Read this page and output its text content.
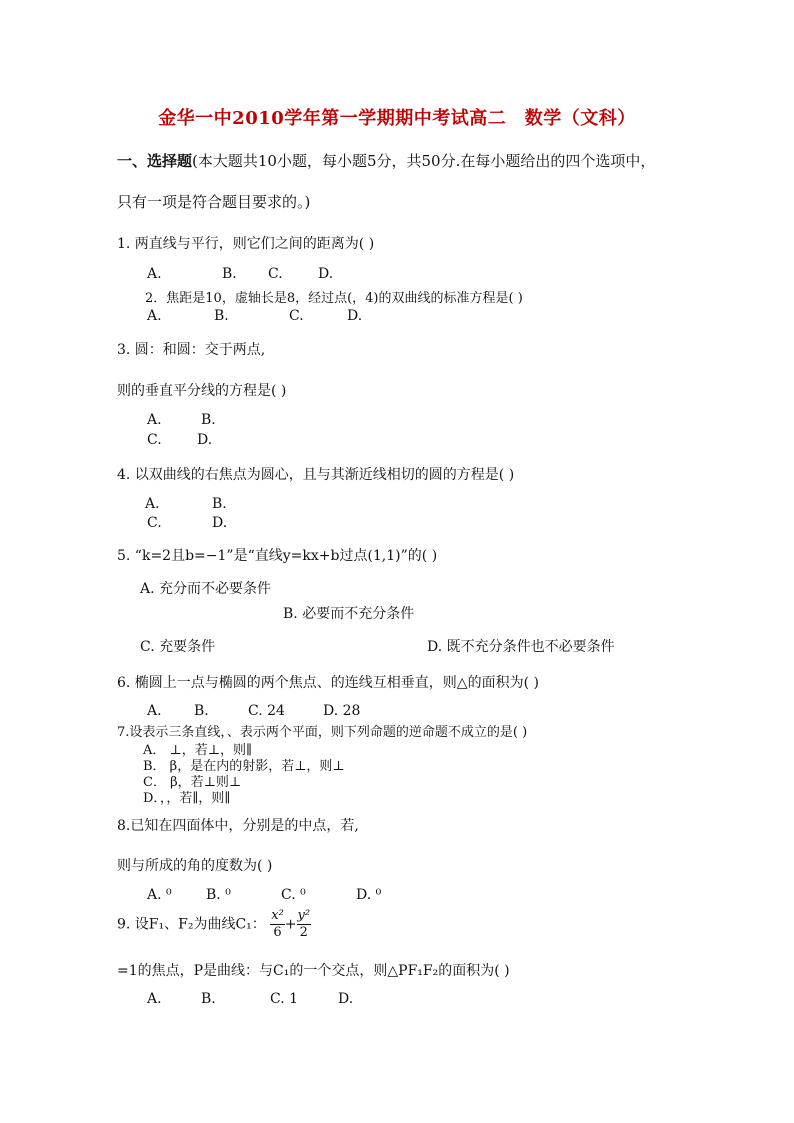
金华一中2010学年第一学期期中考试高二　数学（文科）
一、选择题(本大题共10小题，每小题5分，共50分.在每小题给出的四个选项中，
只有一项是符合题目要求的。)
1. 两直线与平行，则它们之间的距离为( )
A.	B. C.	D.
2．焦距是10，虚轴长是8，经过点(，4)的双曲线的标准方程是( )
A.	B.	C.	D.
3. 圆：和圆：交于两点,
则的垂直平分线的方程是( )
A.	B.
C.	D.
4. 以双曲线的右焦点为圆心，且与其渐近线相切的圆的方程是( )
A.	B.
C.	D.
5. “k=2且b=−1”是“直线y=kx+b过点(1,1)”的( )
A. 充分而不必要条件
B. 必要而不充分条件
C. 充要条件	D. 既不充分条件也不必要条件
6. 椭圆上一点与椭圆的两个焦点、的连线互相垂直，则△的面积为( )
A. B.	C. 24	D. 28
7.设表示三条直线，、表示两个平面，则下列命题的逆命题不成立的是( )
A． ⊥，若⊥，则∥
B． β，是在内的射影，若⊥，则⊥
C． β，若⊥则⊥
D．，，若∥，则∥
8.已知在四面体中，分别是的中点，若,
则与所成的角的度数为( )
A. ⁰ B. ⁰	C. ⁰	D. ⁰
9. 设F₁、F₂为曲线C₁： $\frac{\text{x²}}{6} + \frac{\text{y²}}{2}$
=1的焦点，P是曲线：与C₁的一个交点，则△PF₁F₂的面积为( )
A.	B.	C. 1	D.
